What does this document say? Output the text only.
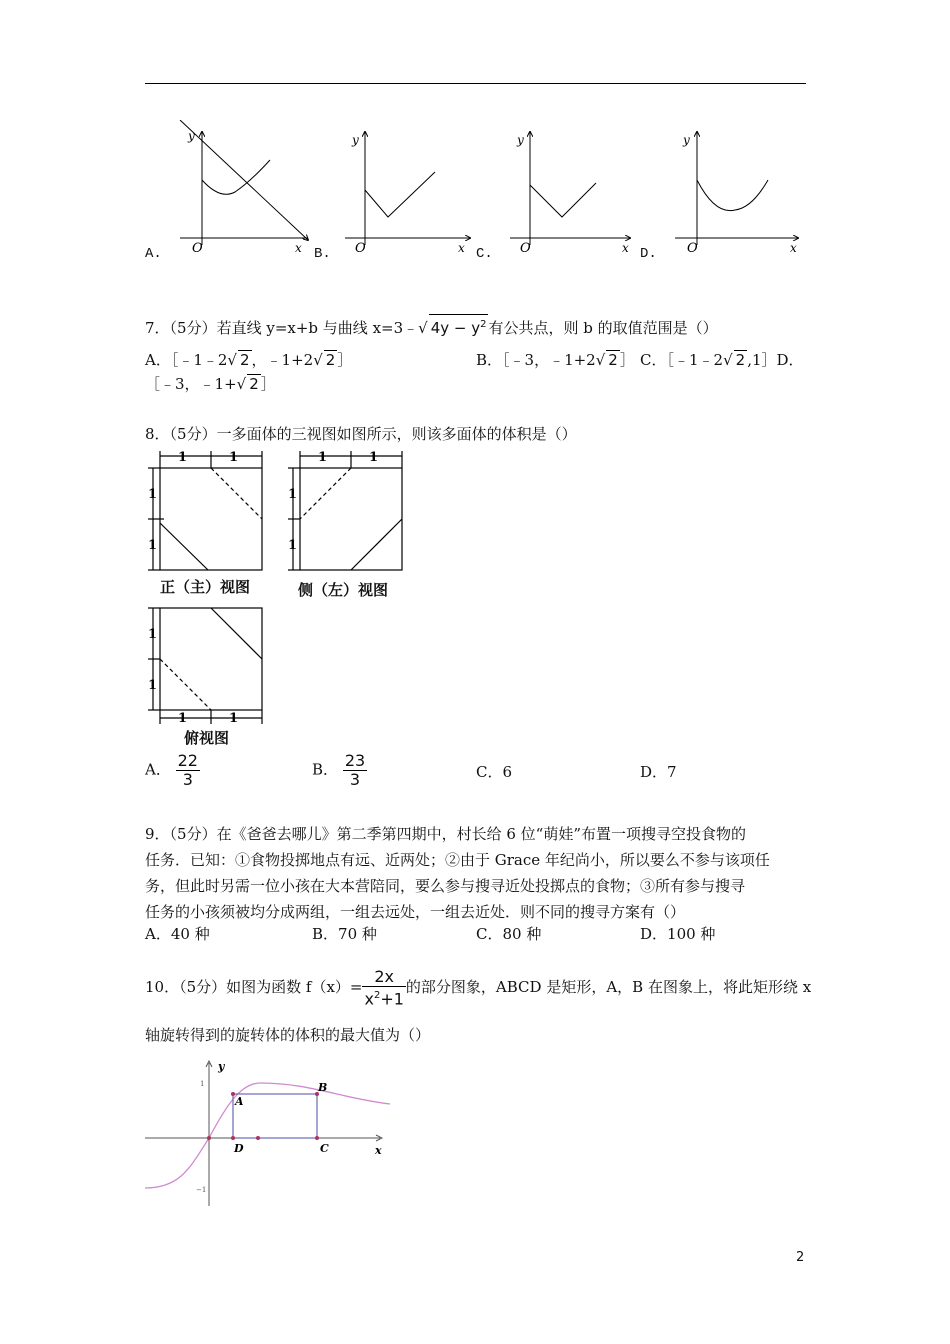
y
O	x
y
O	x
y
O	x
y
O	x
A.	B.	C.	D.
7．（5分）若直线 y=x+b 与曲线 x=3﹣√ $4y - y^2$ 有公共点，则 b 的取值范围是（）
A．［﹣1﹣2√ 2 ，﹣1+2√ 2 ］	B．［﹣3，﹣1+2√ 2 ］ C．［﹣1﹣2√ 2 ,1］D．
［﹣3，﹣1+√ 2 ］
8．（5分）一多面体的三视图如图所示，则该多面体的体积是（）
1	1
1
1
1	1
1
1
1
1
1	1
正（主）视图	侧（左）视图
俯视图
A． $\frac{22}{3}$	B． $\frac{23}{3}$	C．6	D．7
9．（5分）在《爸爸去哪儿》第二季第四期中，村长给 6 位“萌娃”布置一项搜寻空投食物的
任务．已知：①食物投掷地点有远、近两处；②由于 Grace 年纪尚小，所以要么不参与该项任
务，但此时另需一位小孩在大本营陪同，要么参与搜寻近处投掷点的食物；③所有参与搜寻
任务的小孩须被均分成两组，一组去远处，一组去近处．则不同的搜寻方案有（）
A．40 种	B．70 种	C．80 种	D．100 种
10．（5分）如图为函数 $f(x)= \frac{2x}{x^2+1}$ 的部分图象，ABCD 是矩形，A，B 在图象上，将此矩形绕 x
轴旋转得到的旋转体的体积的最大值为（）
A
B
C
D	x
y
1
−1
2
